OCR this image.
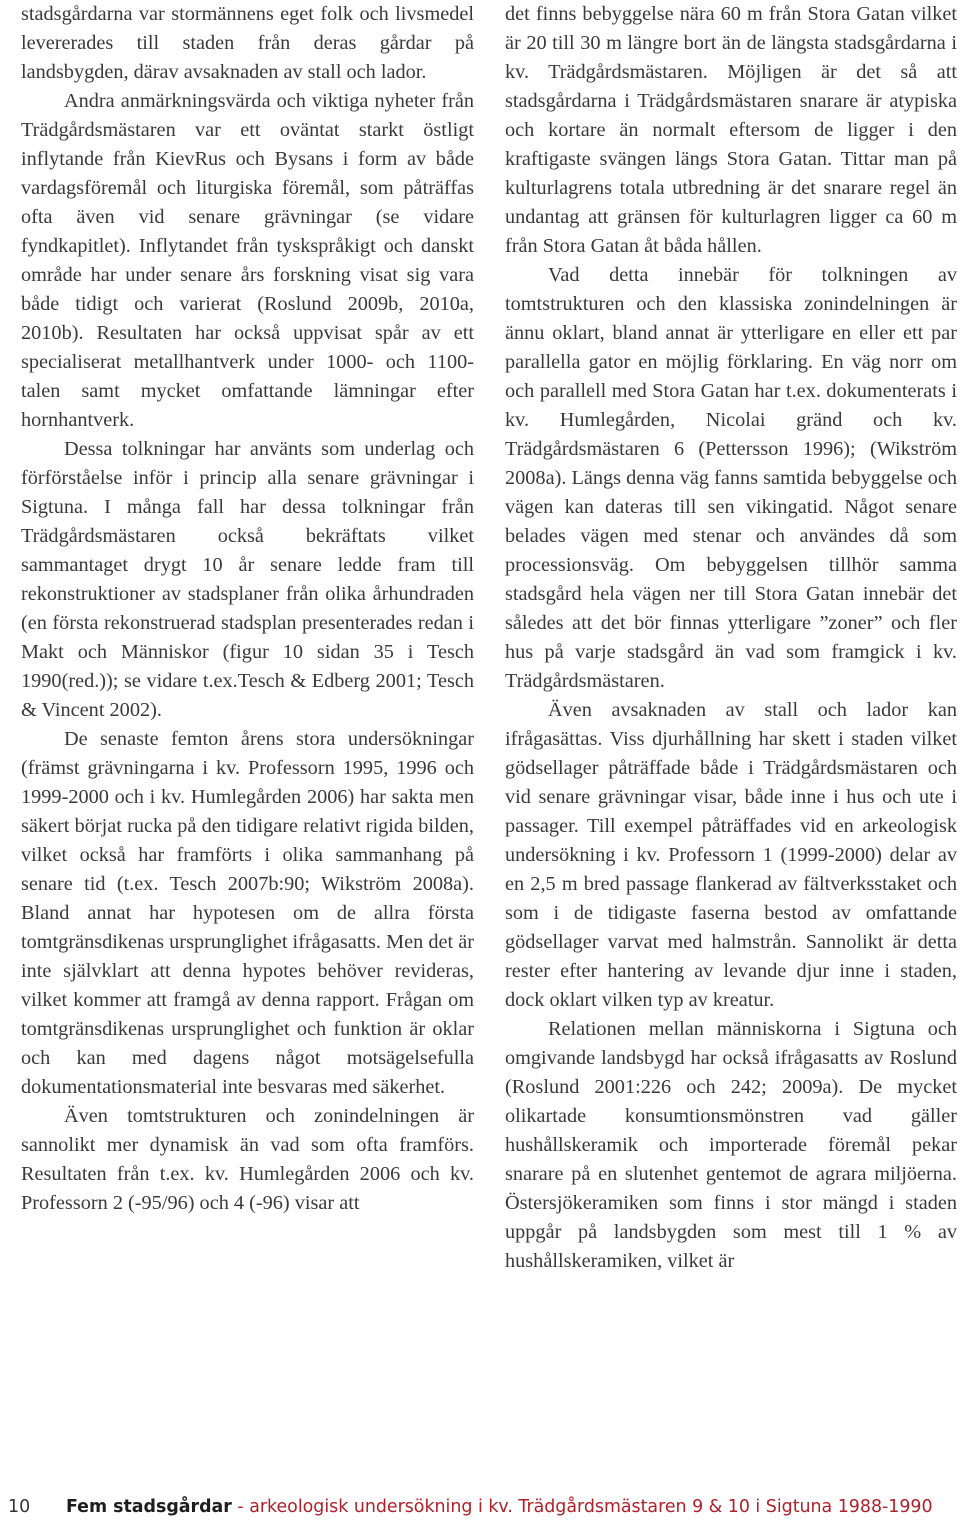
stadsgårdarna var stormännens eget folk och livsmedel levererades till staden från deras gårdar på landsbygden, därav avsaknaden av stall och lador.

Andra anmärkningsvärda och viktiga nyheter från Trädgårdsmästaren var ett oväntat starkt östligt inflytande från KievRus och Bysans i form av både vardagsföremål och liturgiska föremål, som påträffas ofta även vid senare grävningar (se vidare fyndkapitlet). Inflytandet från tyskspråkigt och danskt område har under senare års forskning visat sig vara både tidigt och varierat (Roslund 2009b, 2010a, 2010b). Resultaten har också uppvisat spår av ett specialiserat metallhantverk under 1000- och 1100-talen samt mycket omfattande lämningar efter hornhantverk.

Dessa tolkningar har använts som underlag och förförståelse inför i princip alla senare grävningar i Sigtuna. I många fall har dessa tolkningar från Trädgårdsmästaren också bekräftats vilket sammantaget drygt 10 år senare ledde fram till rekonstruktioner av stadsplaner från olika århundraden (en första rekonstruerad stadsplan presenterades redan i Makt och Människor (figur 10 sidan 35 i Tesch 1990(red.)); se vidare t.ex.Tesch & Edberg 2001; Tesch & Vincent 2002).

De senaste femton årens stora undersökningar (främst grävningarna i kv. Professorn 1995, 1996 och 1999-2000 och i kv. Humlegården 2006) har sakta men säkert börjat rucka på den tidigare relativt rigida bilden, vilket också har framförts i olika sammanhang på senare tid (t.ex. Tesch 2007b:90; Wikström 2008a). Bland annat har hypotesen om de allra första tomtgränsdikenas ursprunglighet ifrågasatts. Men det är inte självklart att denna hypotes behöver revideras, vilket kommer att framgå av denna rapport. Frågan om tomtgränsdikenas ursprunglighet och funktion är oklar och kan med dagens något motsägelsefulla dokumentationsmaterial inte besvaras med säkerhet.

Även tomtstrukturen och zonindelningen är sannolikt mer dynamisk än vad som ofta framförs. Resultaten från t.ex. kv. Humlegården 2006 och kv. Professorn 2 (-95/96) och 4 (-96) visar att

det finns bebyggelse nära 60 m från Stora Gatan vilket är 20 till 30 m längre bort än de längsta stadsgårdarna i kv. Trädgårdsmästaren. Möjligen är det så att stadsgårdarna i Trädgårdsmästaren snarare är atypiska och kortare än normalt eftersom de ligger i den kraftigaste svängen längs Stora Gatan. Tittar man på kulturlagrens totala utbredning är det snarare regel än undantag att gränsen för kulturlagren ligger ca 60 m från Stora Gatan åt båda hållen.

Vad detta innebär för tolkningen av tomtstrukturen och den klassiska zonindelningen är ännu oklart, bland annat är ytterligare en eller ett par parallella gator en möjlig förklaring. En väg norr om och parallell med Stora Gatan har t.ex. dokumenterats i kv. Humlegården, Nicolai gränd och kv. Trädgårdsmästaren 6 (Pettersson 1996); (Wikström 2008a). Längs denna väg fanns samtida bebyggelse och vägen kan dateras till sen vikingatid. Något senare belades vägen med stenar och användes då som processionsväg. Om bebyggelsen tillhör samma stadsgård hela vägen ner till Stora Gatan innebär det således att det bör finnas ytterligare ”zoner” och fler hus på varje stadsgård än vad som framgick i kv. Trädgårdsmästaren.

Även avsaknaden av stall och lador kan ifrågasättas. Viss djurhållning har skett i staden vilket gödsellager påträffade både i Trädgårdsmästaren och vid senare grävningar visar, både inne i hus och ute i passager. Till exempel påträffades vid en arkeologisk undersökning i kv. Professorn 1 (1999-2000) delar av en 2,5 m bred passage flankerad av fältverksstaket och som i de tidigaste faserna bestod av omfattande gödsellager varvat med halmstrån. Sannolikt är detta rester efter hantering av levande djur inne i staden, dock oklart vilken typ av kreatur.

Relationen mellan människorna i Sigtuna och omgivande landsbygd har också ifrågasatts av Roslund (Roslund 2001:226 och 242; 2009a). De mycket olikartade konsumtionsmönstren vad gäller hushållskeramik och importerade föremål pekar snarare på en slutenhet gentemot de agrara miljöerna. Östersjökeramiken som finns i stor mängd i staden uppgår på landsbygden som mest till 1 % av hushållskeramiken, vilket är

10 Fem stadsgårdar - arkeologisk undersökning i kv. Trädgårdsmästaren 9 & 10 i Sigtuna 1988-1990
